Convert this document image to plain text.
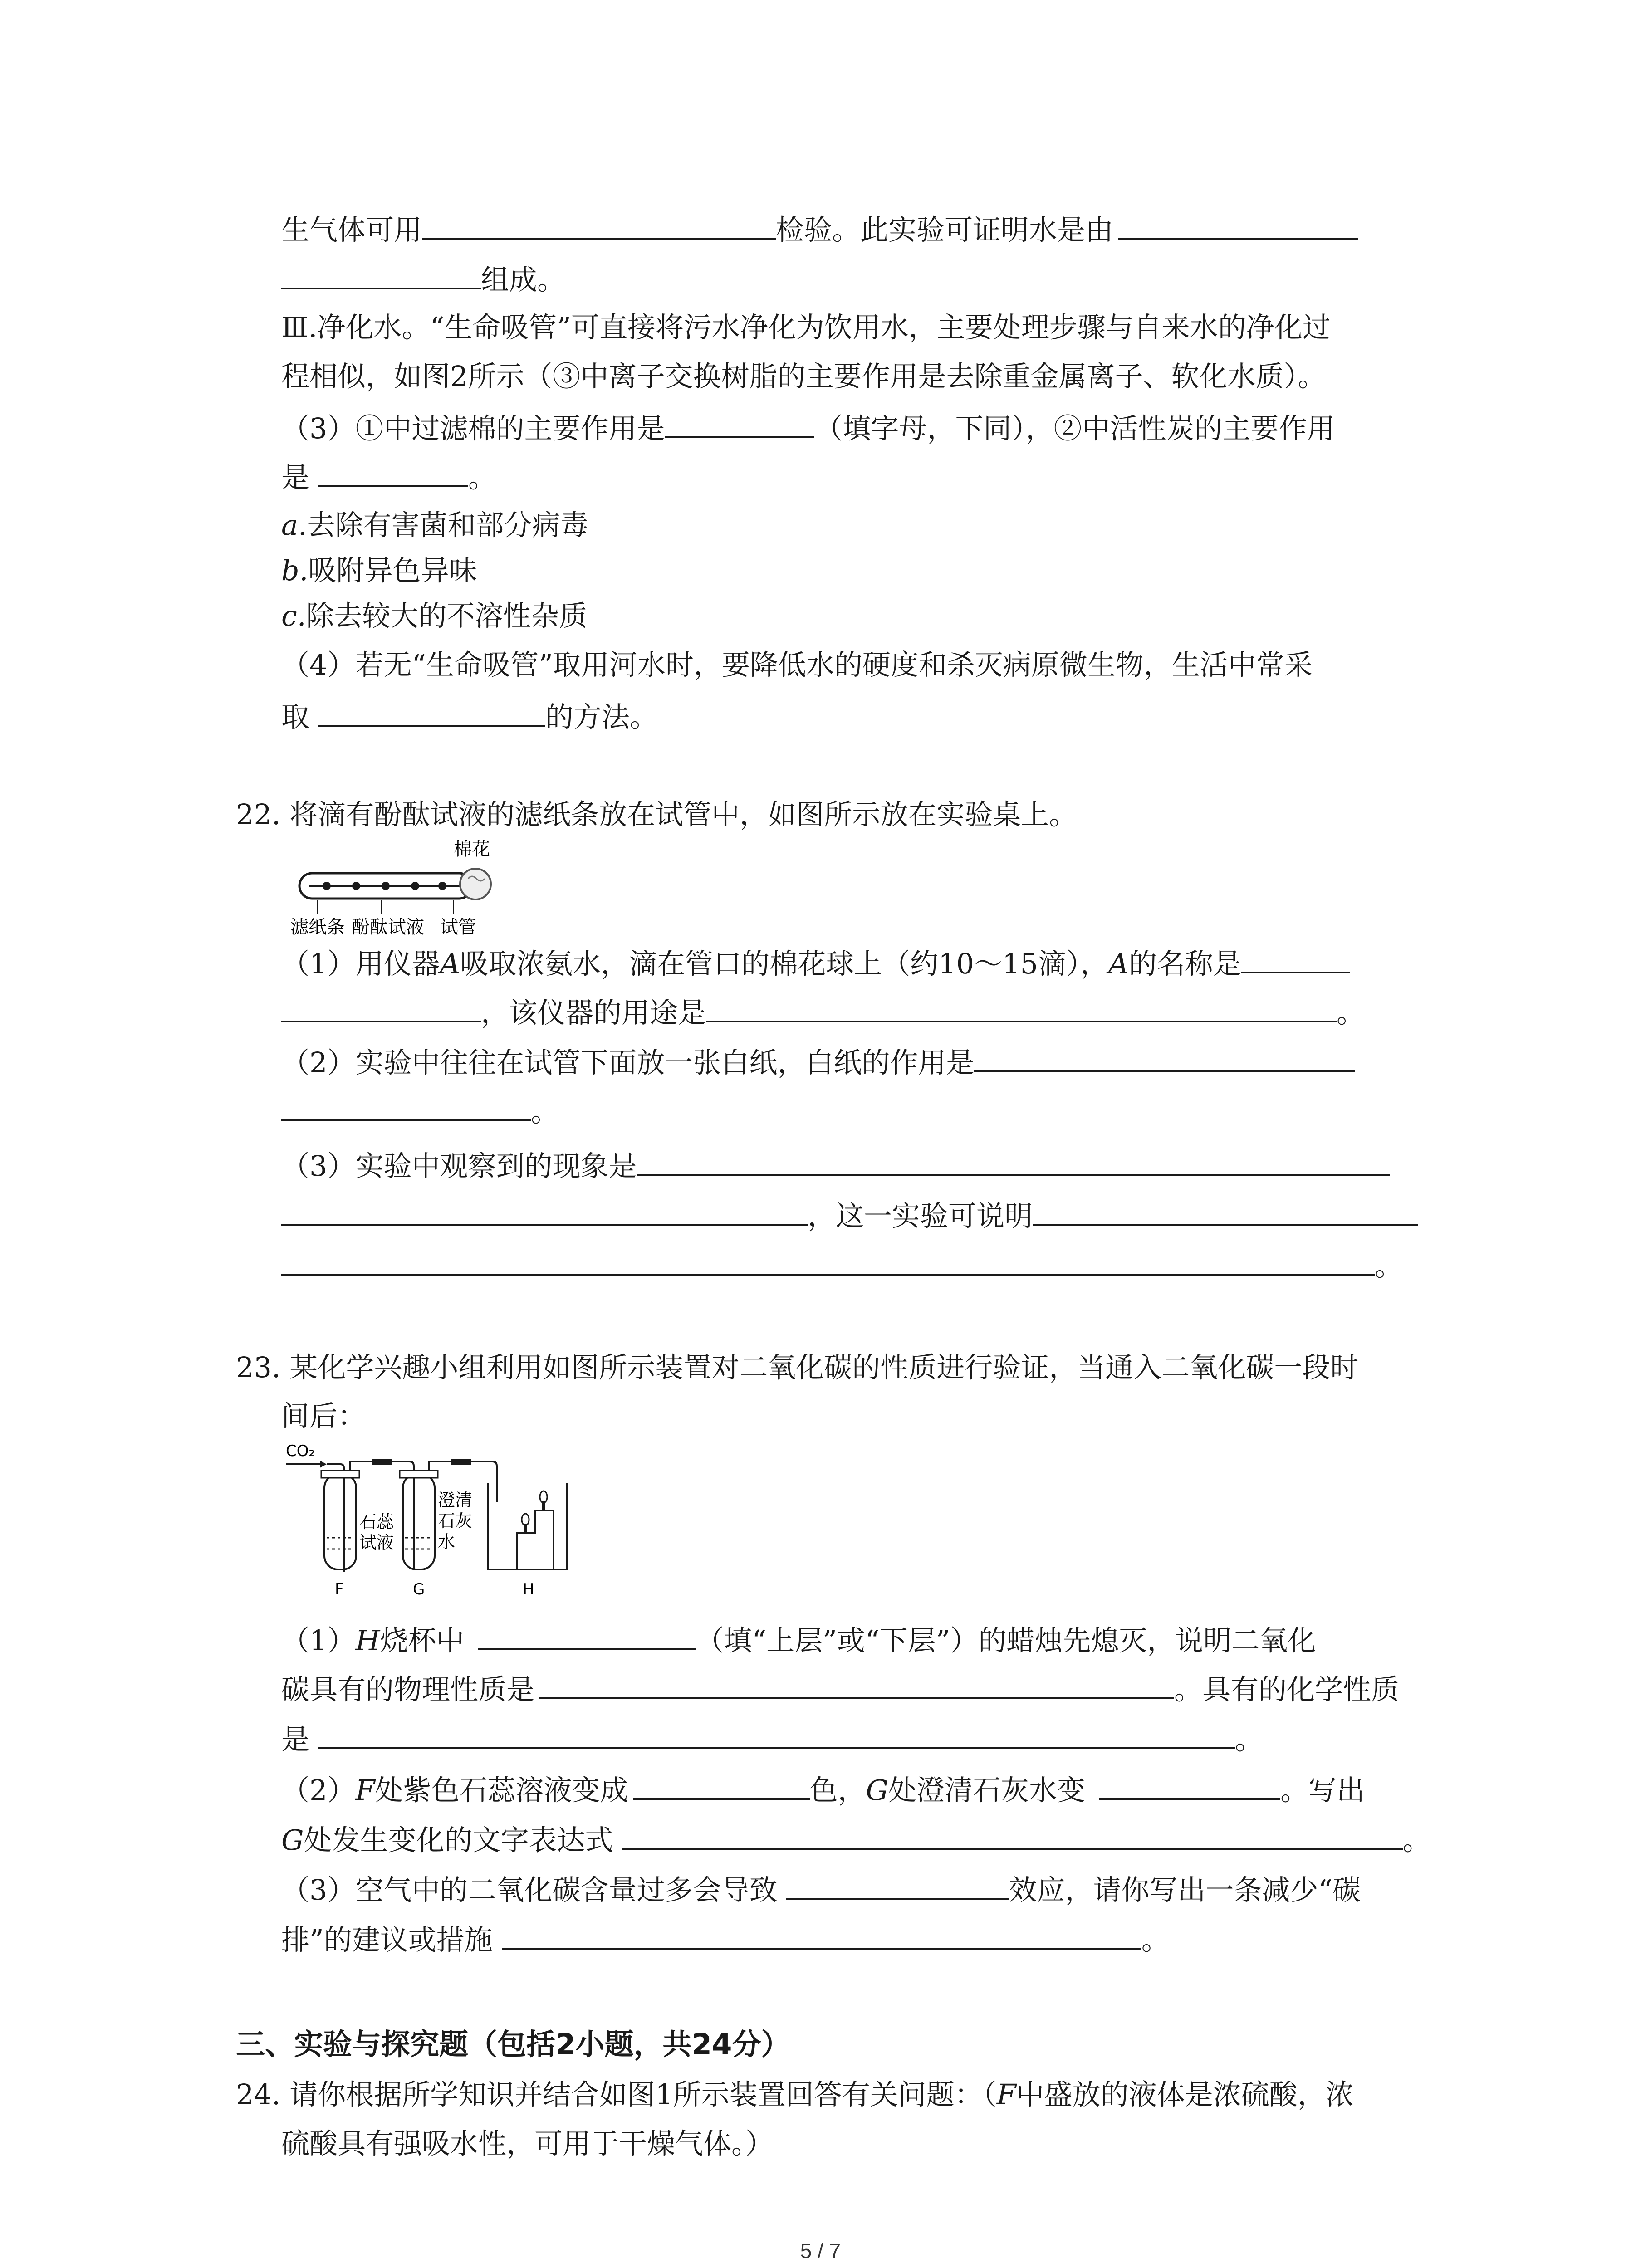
生气体可用	检验。此实验可证明水是由
组成。
Ⅲ.净化水。“生命吸管”可直接将污水净化为饮用水，主要处理步骤与自来水的净化过
程相似，如图2所示（③中离子交换树脂的主要作用是去除重金属离子、软化水质）。
（3）①中过滤棉的主要作用是	（填字母，下同），②中活性炭的主要作用
是	。
a.去除有害菌和部分病毒
b.吸附异色异味
c.除去较大的不溶性杂质
（4）若无“生命吸管”取用河水时，要降低水的硬度和杀灭病原微生物，生活中常采
取	的方法。
22. 将滴有酚酞试液的滤纸条放在试管中，如图所示放在实验桌上。
棉花
滤纸条 酚酞试液 试管
（1）用仪器A吸取浓氨水，滴在管口的棉花球上（约10～15滴），A的名称是
，该仪器的用途是	。
（2）实验中往往在试管下面放一张白纸，白纸的作用是
。
（3）实验中观察到的现象是
，这一实验可说明
。
23. 某化学兴趣小组利用如图所示装置对二氧化碳的性质进行验证，当通入二氧化碳一段时
间后：
CO₂
石蕊
试液
澄清
石灰
水
F	G	H
（1）H烧杯中	（填“上层”或“下层”）的蜡烛先熄灭，说明二氧化
碳具有的物理性质是	。具有的化学性质
是	。
（2）F处紫色石蕊溶液变成	色，G处澄清石灰水变	。写出
G处发生变化的文字表达式	。
（3）空气中的二氧化碳含量过多会导致	效应，请你写出一条减少“碳
排”的建议或措施	。
三、实验与探究题（包括2小题，共24分）
24. 请你根据所学知识并结合如图1所示装置回答有关问题：（F中盛放的液体是浓硫酸，浓
硫酸具有强吸水性，可用于干燥气体。）
5 / 7
